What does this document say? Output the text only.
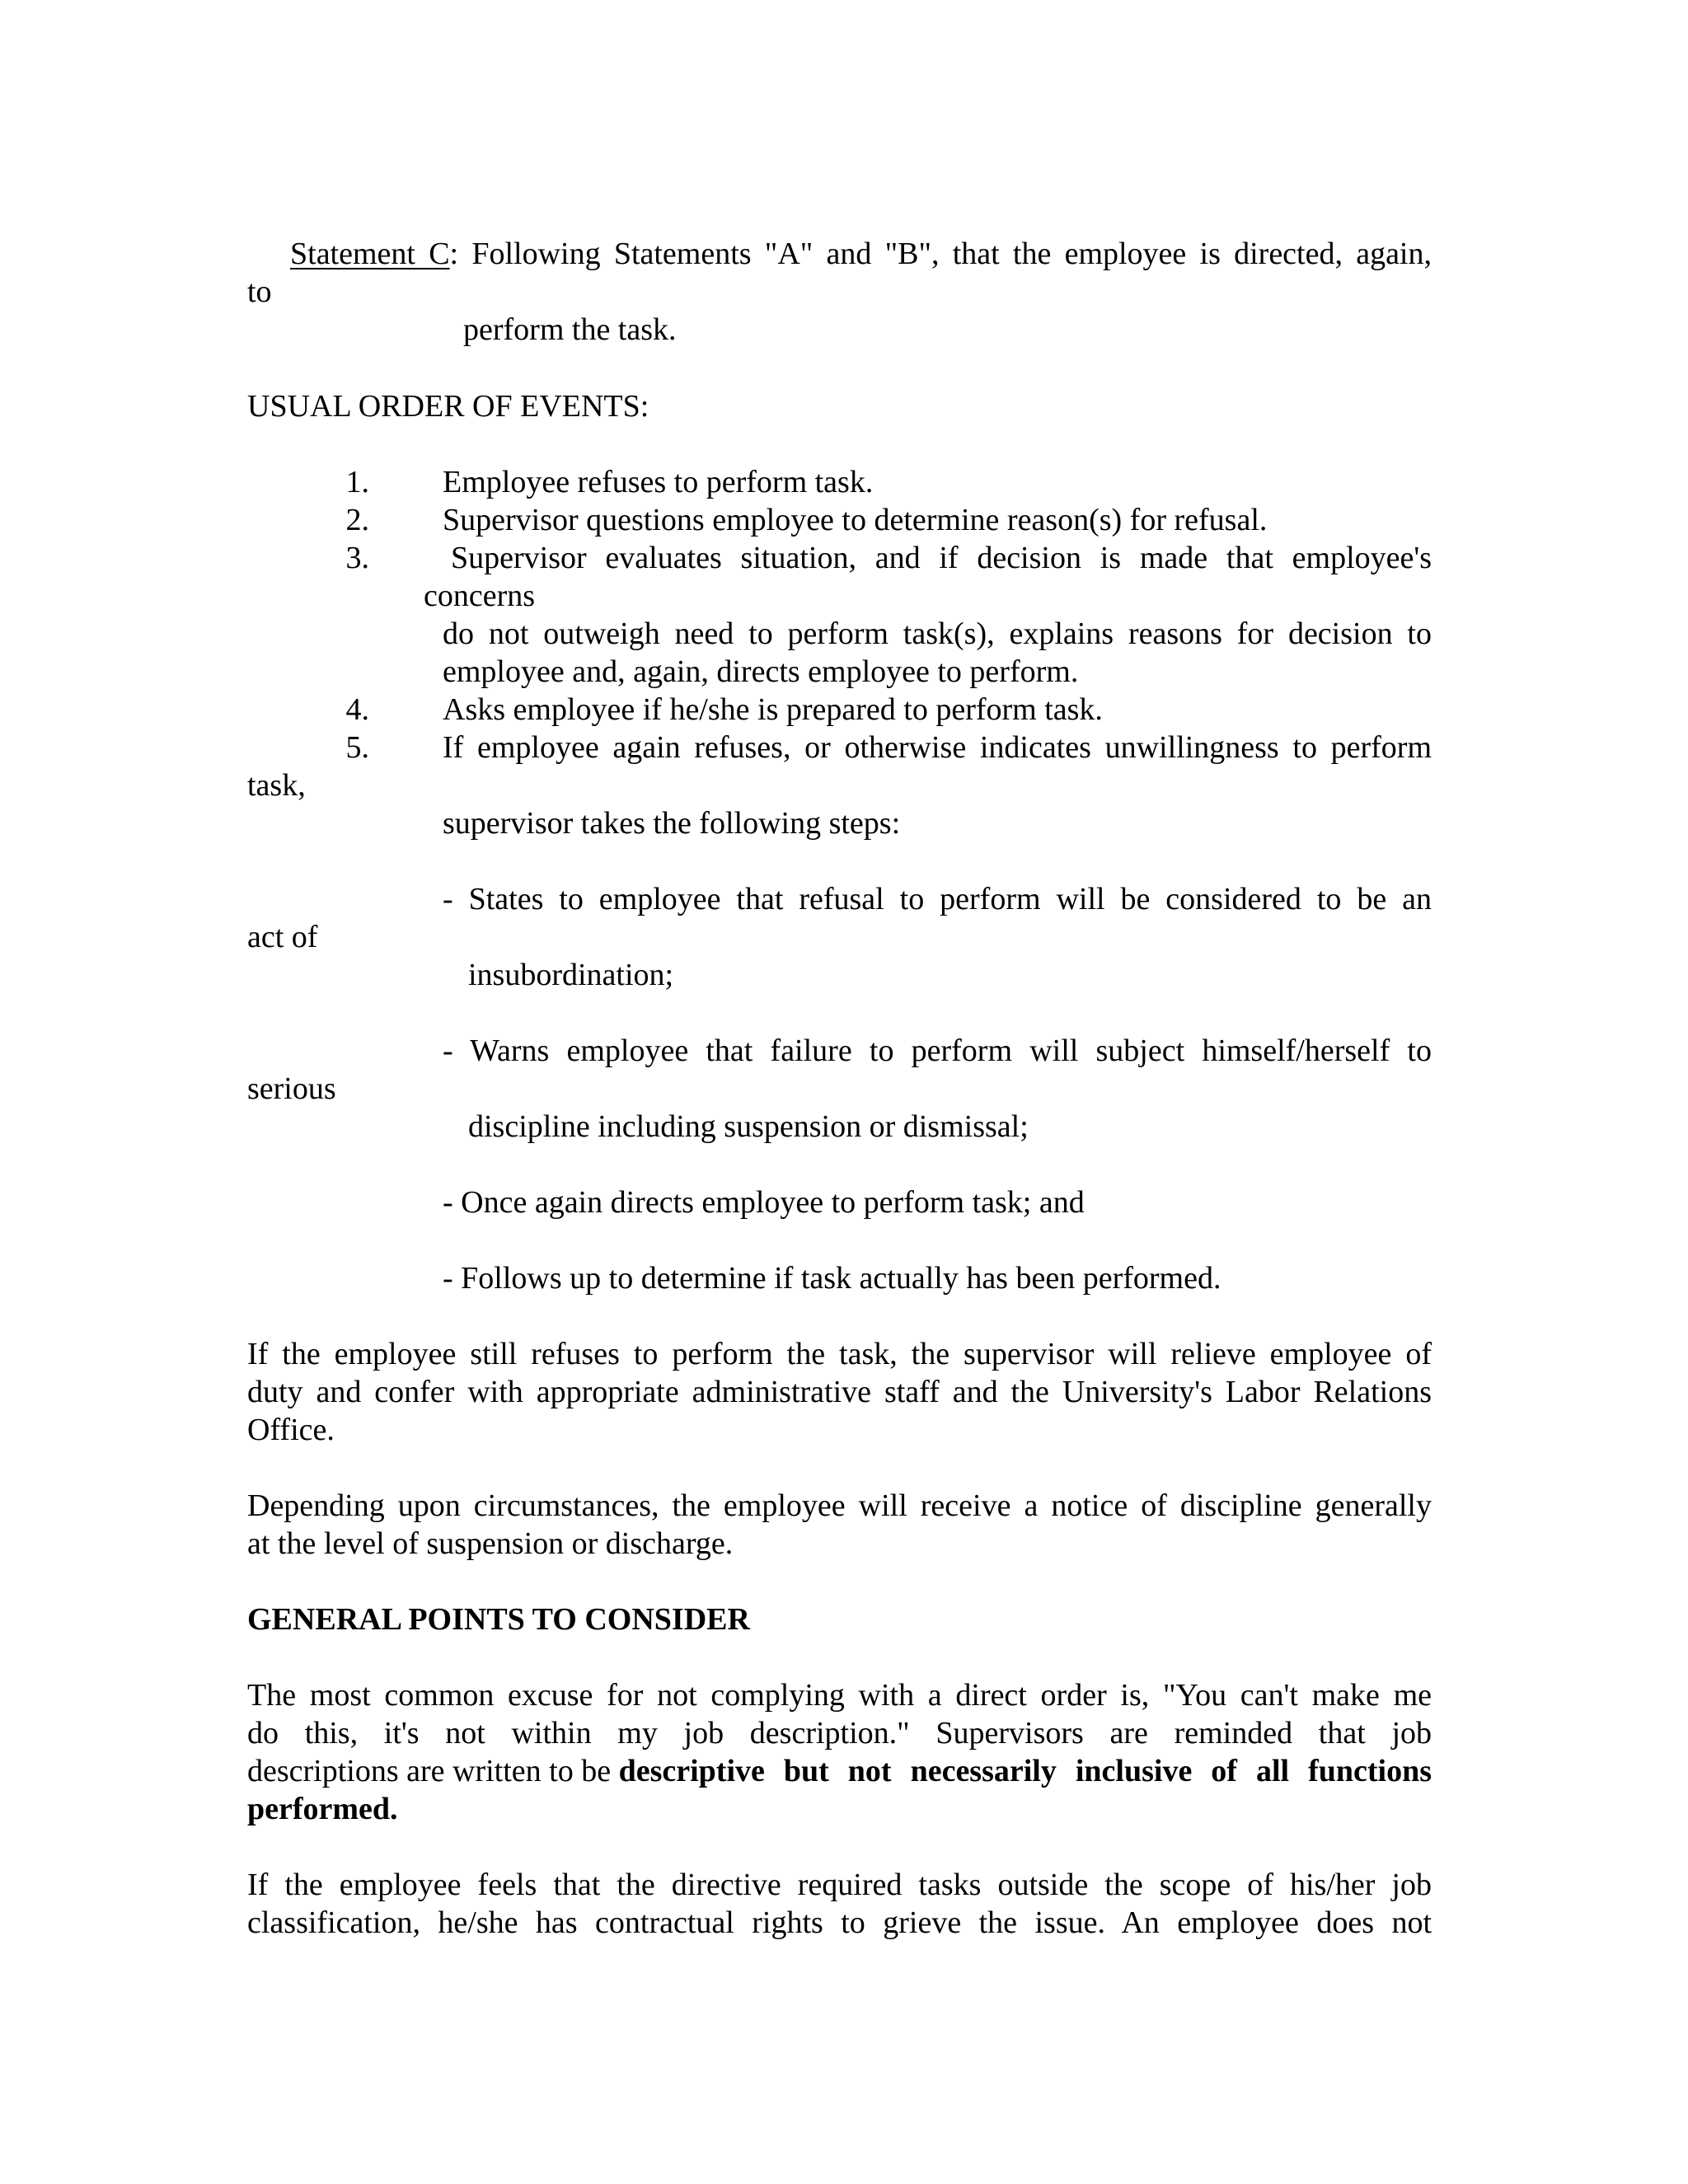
Statement C: Following Statements "A" and "B", that the employee is directed, again,
to
perform the task.
USUAL ORDER OF EVENTS:
1. Employee refuses to perform task.
2. Supervisor questions employee to determine reason(s) for refusal.
3.	Supervisor evaluates situation, and if decision is made that employee's
concerns
do not outweigh need to perform task(s), explains reasons for decision to
employee and, again, directs employee to perform.
4. Asks employee if he/she is prepared to perform task.
5. If employee again refuses, or otherwise indicates unwillingness to perform
task,
supervisor takes the following steps:
- States to employee that refusal to perform will be considered to be an
act of
insubordination;
- Warns employee that failure to perform will subject himself/herself to
serious
discipline including suspension or dismissal;
- Once again directs employee to perform task; and
- Follows up to determine if task actually has been performed.
If the employee still refuses to perform the task, the supervisor will relieve employee of
duty and confer with appropriate administrative staff and the University's Labor Relations
Office.
Depending upon circumstances, the employee will receive a notice of discipline generally
at the level of suspension or discharge.
GENERAL POINTS TO CONSIDER
The most common excuse for not complying with a direct order is, "You can't make me
do this, it's not within my job description." Supervisors are reminded that job
descriptions are written to be descriptive but not necessarily inclusive of all functions
performed.
If the employee feels that the directive required tasks outside the scope of his/her job
classification, he/she has contractual rights to grieve the issue. An employee does not
